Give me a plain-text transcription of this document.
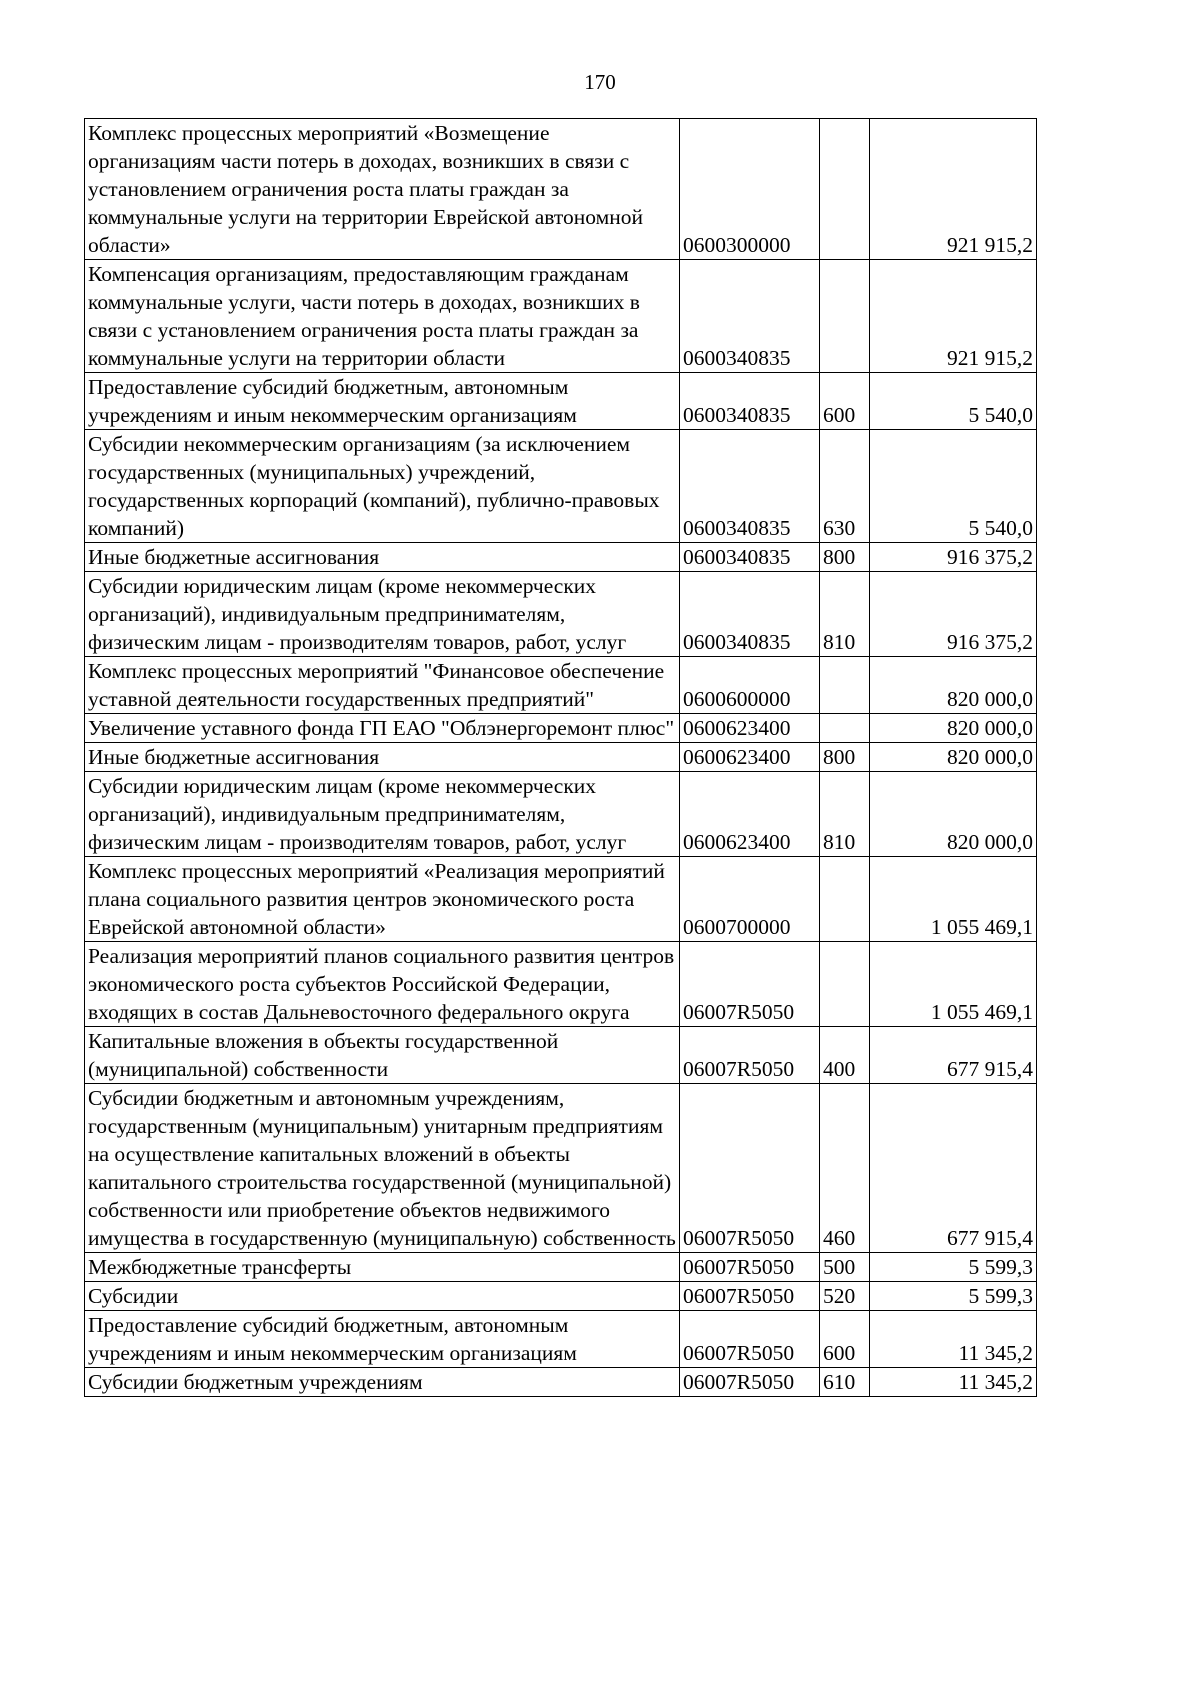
170
Комплекс процессных мероприятий «Возмещение организациям части потерь в доходах, возникших в связи с установлением ограничения роста платы граждан за коммунальные услуги на территории Еврейской автономной области»	0600300000		921 915,2
Компенсация организациям, предоставляющим гражданам коммунальные услуги, части потерь в доходах, возникших в связи с установлением ограничения роста платы граждан за коммунальные услуги на территории области	0600340835		921 915,2
Предоставление субсидий бюджетным, автономным учреждениям и иным некоммерческим организациям	0600340835	600	5 540,0
Субсидии некоммерческим организациям (за исключением государственных (муниципальных) учреждений, государственных корпораций (компаний), публично-правовых компаний)	0600340835	630	5 540,0
Иные бюджетные ассигнования	0600340835	800	916 375,2
Субсидии юридическим лицам (кроме некоммерческих организаций), индивидуальным предпринимателям, физическим лицам - производителям товаров, работ, услуг	0600340835	810	916 375,2
Комплекс процессных мероприятий "Финансовое обеспечение уставной деятельности государственных предприятий"	0600600000		820 000,0
Увеличение уставного фонда ГП ЕАО "Облэнергоремонт плюс"	0600623400		820 000,0
Иные бюджетные ассигнования	0600623400	800	820 000,0
Субсидии юридическим лицам (кроме некоммерческих организаций), индивидуальным предпринимателям, физическим лицам - производителям товаров, работ, услуг	0600623400	810	820 000,0
Комплекс процессных мероприятий «Реализация мероприятий плана социального развития центров экономического роста Еврейской автономной области»	0600700000		1 055 469,1
Реализация мероприятий планов социального развития центров экономического роста субъектов Российской Федерации, входящих в состав Дальневосточного федерального округа	06007R5050		1 055 469,1
Капитальные вложения в объекты государственной (муниципальной) собственности	06007R5050	400	677 915,4
Субсидии бюджетным и автономным учреждениям, государственным (муниципальным) унитарным предприятиям на осуществление капитальных вложений в объекты капитального строительства государственной (муниципальной) собственности или приобретение объектов недвижимого имущества в государственную (муниципальную) собственность	06007R5050	460	677 915,4
Межбюджетные трансферты	06007R5050	500	5 599,3
Субсидии	06007R5050	520	5 599,3
Предоставление субсидий бюджетным, автономным учреждениям и иным некоммерческим организациям	06007R5050	600	11 345,2
Субсидии бюджетным учреждениям	06007R5050	610	11 345,2
